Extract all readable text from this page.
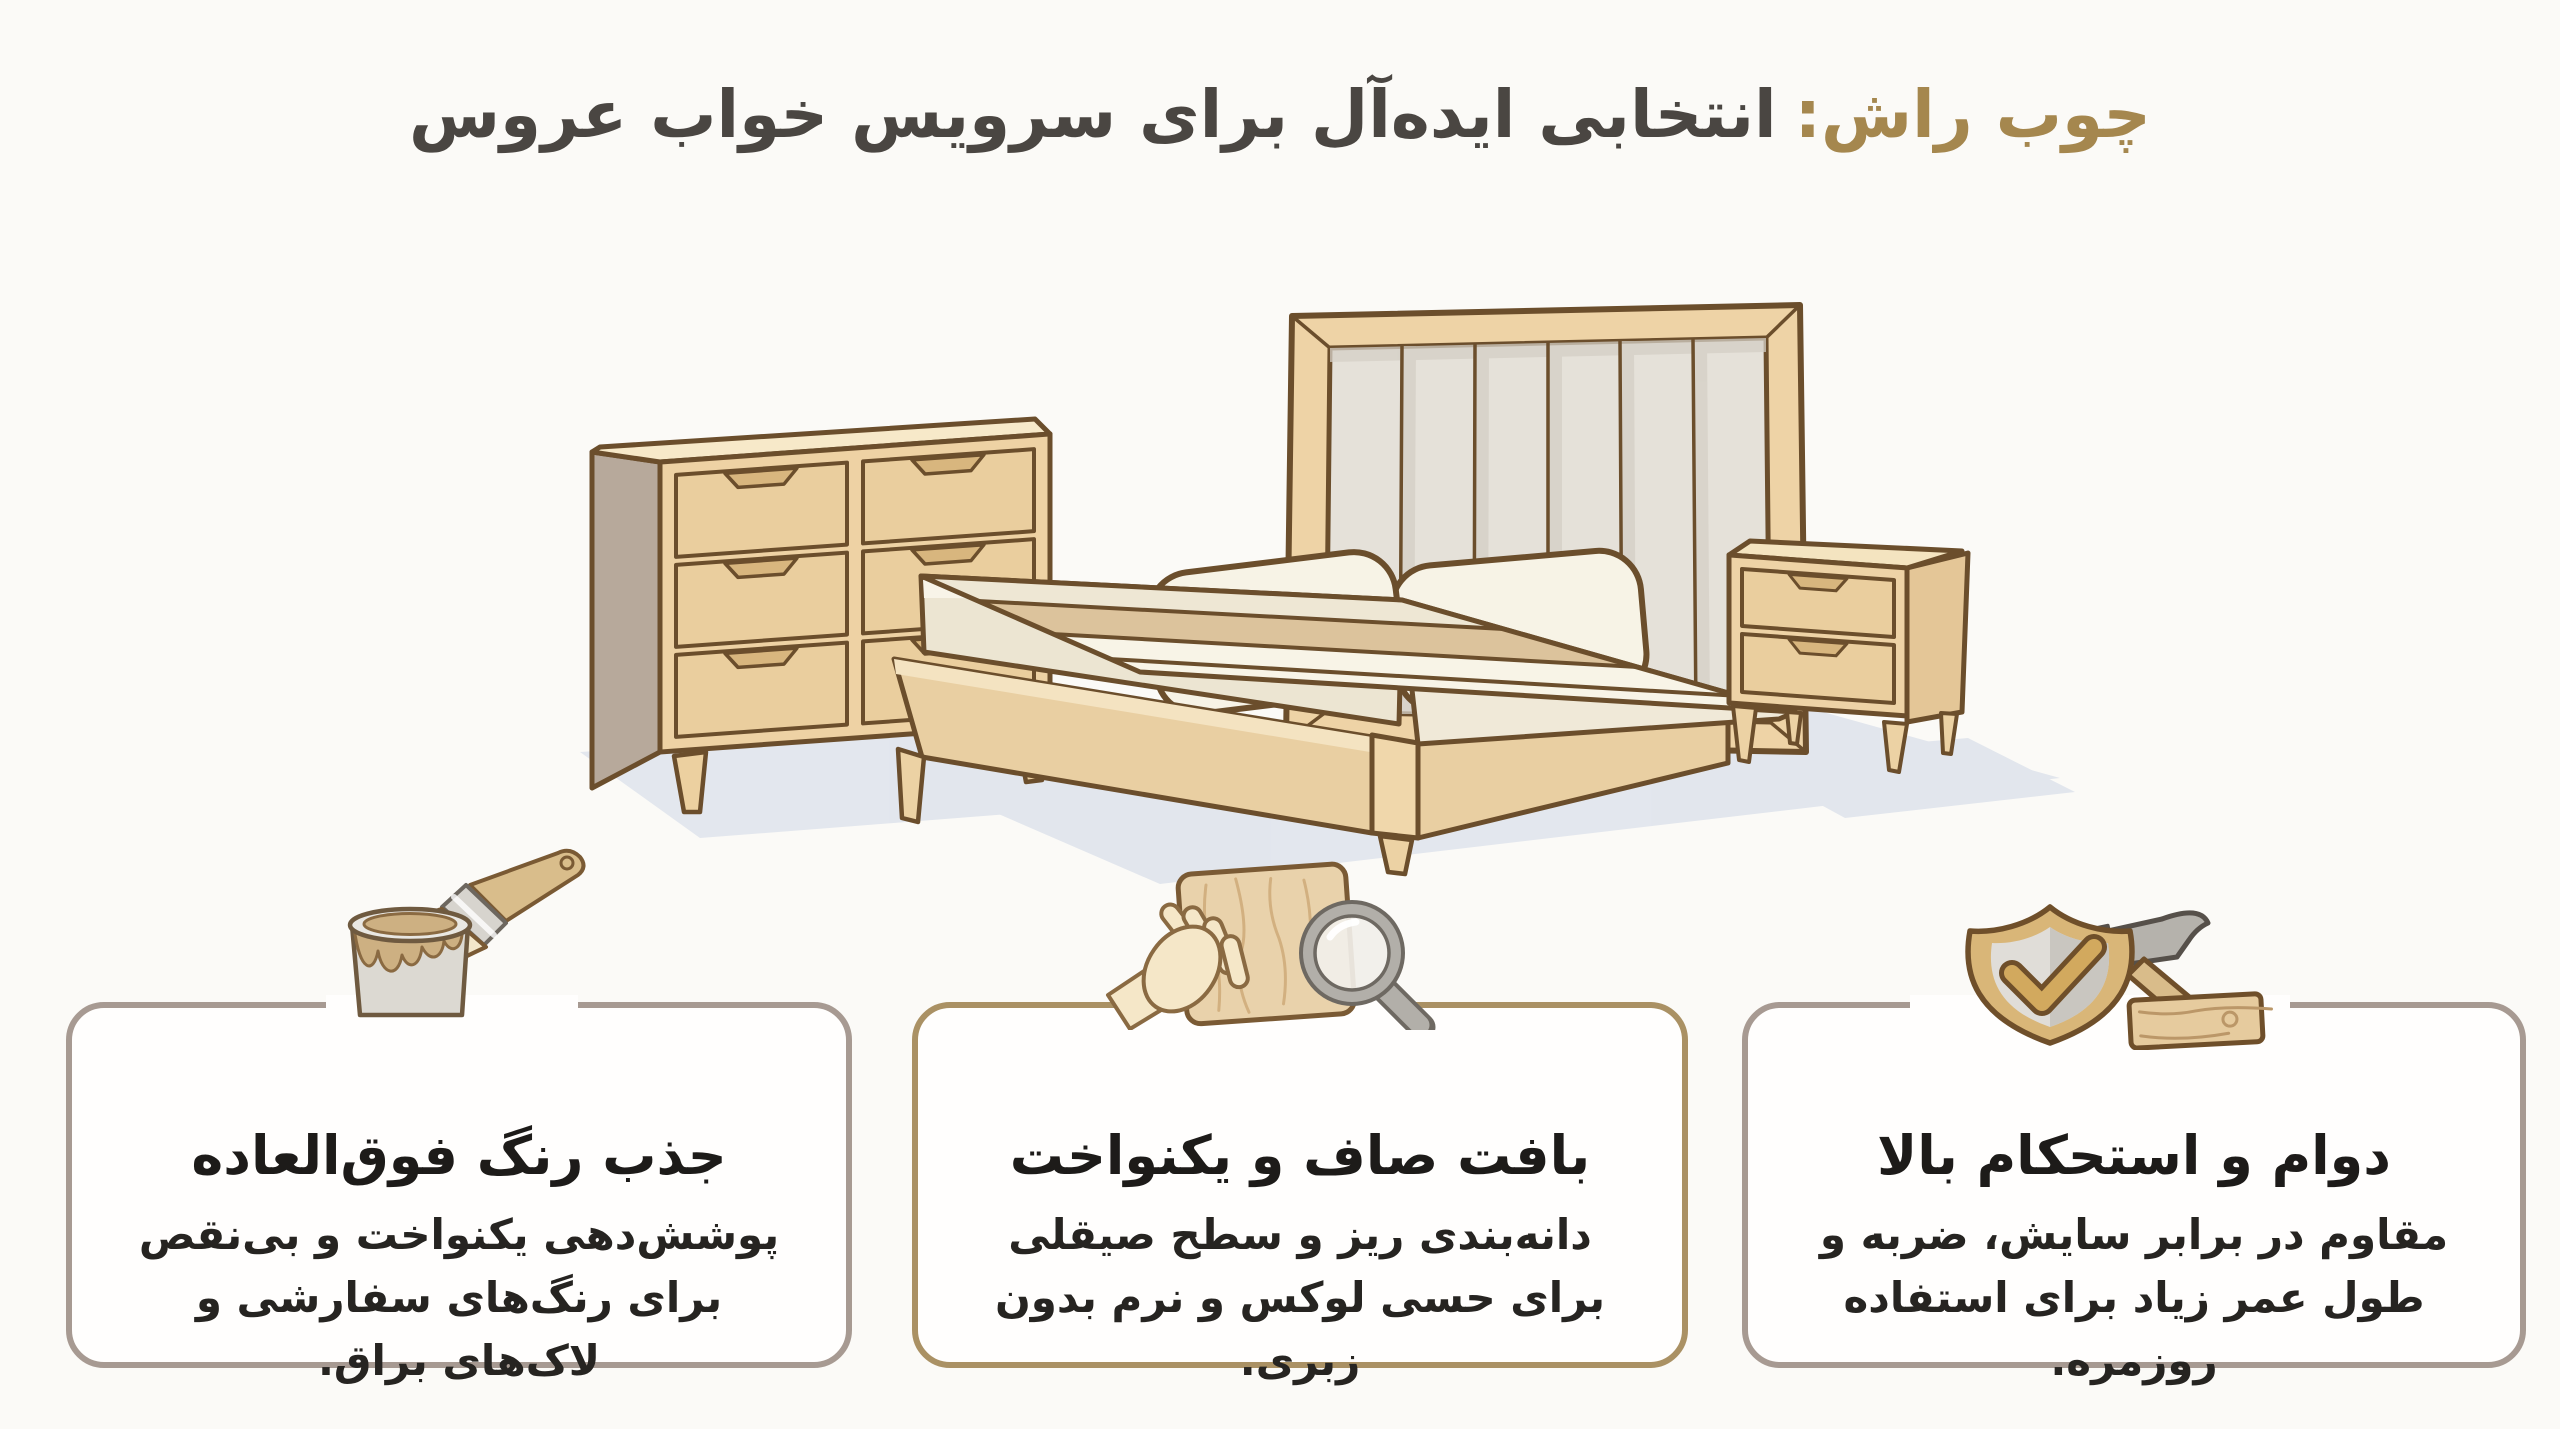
چوب راش:انتخابی ایده‌آل برای سرویس خواب عروس
جذب رنگ فوق‌العاده
پوشش‌دهی یکنواخت و بی‌نقص برای رنگ‌های سفارشی و لاک‌های براق.
بافت صاف و یکنواخت
دانه‌بندی ریز و سطح صیقلی برای حسی لوکس و نرم بدون زبری.
دوام و استحکام بالا
مقاوم در برابر سایش، ضربه و طول عمر زیاد برای استفاده روزمره.
